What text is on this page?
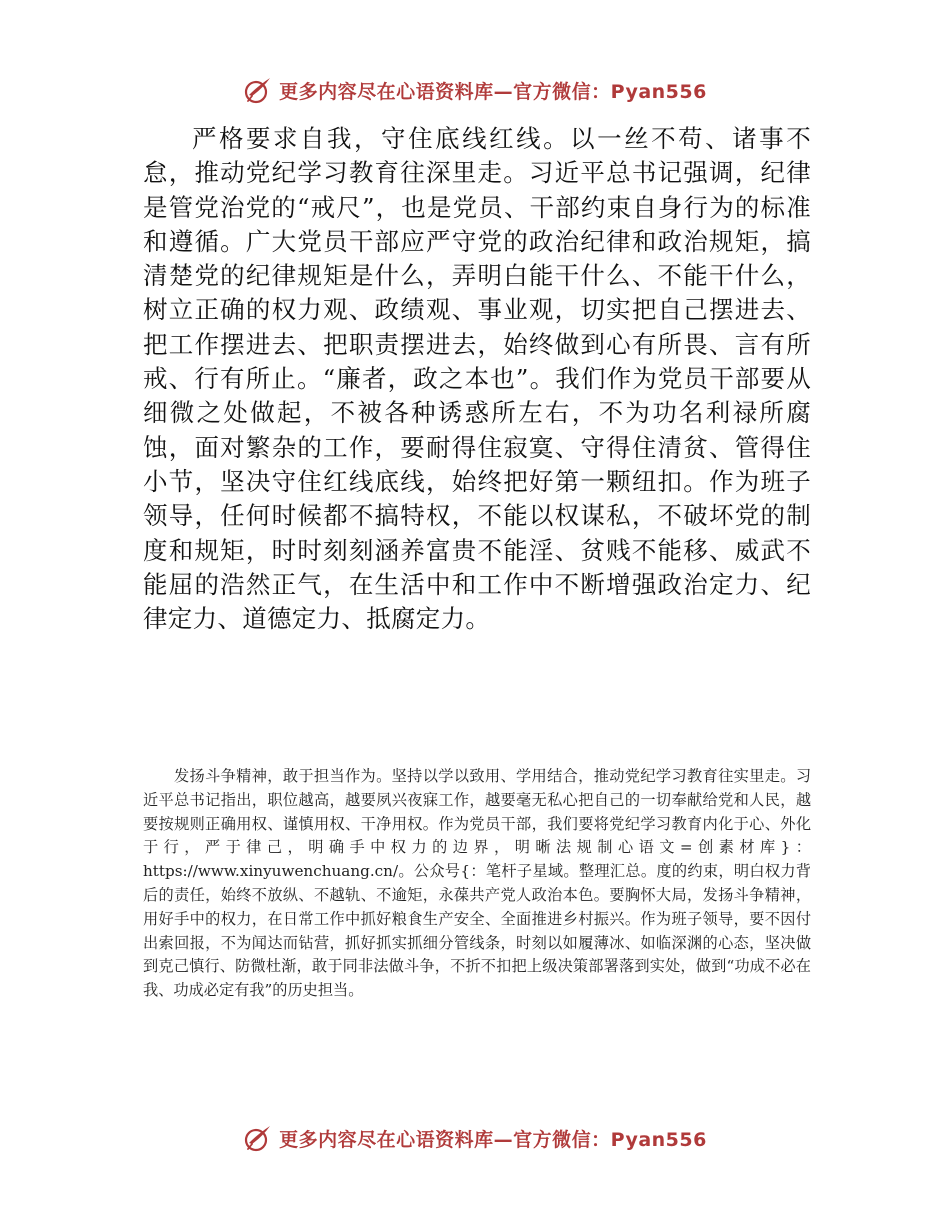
更多内容尽在心语资料库—官方微信：Pyan556

严格要求自我，守住底线红线。以一丝不苟、诸事不怠，推动党纪学习教育往深里走。习近平总书记强调，纪律是管党治党的“戒尺”，也是党员、干部约束自身行为的标准和遵循。广大党员干部应严守党的政治纪律和政治规矩，搞清楚党的纪律规矩是什么，弄明白能干什么、不能干什么，树立正确的权力观、政绩观、事业观，切实把自己摆进去、把工作摆进去、把职责摆进去，始终做到心有所畏、言有所戒、行有所止。“廉者，政之本也”。我们作为党员干部要从细微之处做起，不被各种诱惑所左右，不为功名利禄所腐蚀，面对繁杂的工作，要耐得住寂寞、守得住清贫、管得住小节，坚决守住红线底线，始终把好第一颗纽扣。作为班子领导，任何时候都不搞特权，不能以权谋私，不破坏党的制度和规矩，时时刻刻涵养富贵不能淫、贫贱不能移、威武不能屈的浩然正气，在生活中和工作中不断增强政治定力、纪律定力、道德定力、抵腐定力。

发扬斗争精神，敢于担当作为。坚持以学以致用、学用结合，推动党纪学习教育往实里走。习近平总书记指出，职位越高，越要夙兴夜寐工作，越要毫无私心把自己的一切奉献给党和人民，越要按规则正确用权、谨慎用权、干净用权。作为党员干部，我们要将党纪学习教育内化于心、外化于行，严于律己，明确手中权力的边界，明晰法规制心语文=创素材库}：https://www.xinyuwenchuang.cn/。公众号{：笔杆子星域。整理汇总。度的约束，明白权力背后的责任，始终不放纵、不越轨、不逾矩，永葆共产党人政治本色。要胸怀大局，发扬斗争精神，用好手中的权力，在日常工作中抓好粮食生产安全、全面推进乡村振兴。作为班子领导，要不因付出索回报，不为闻达而钻营，抓好抓实抓细分管线条，时刻以如履薄冰、如临深渊的心态，坚决做到克己慎行、防微杜渐，敢于同非法做斗争，不折不扣把上级决策部署落到实处，做到“功成不必在我、功成必定有我”的历史担当。

更多内容尽在心语资料库—官方微信：Pyan556
